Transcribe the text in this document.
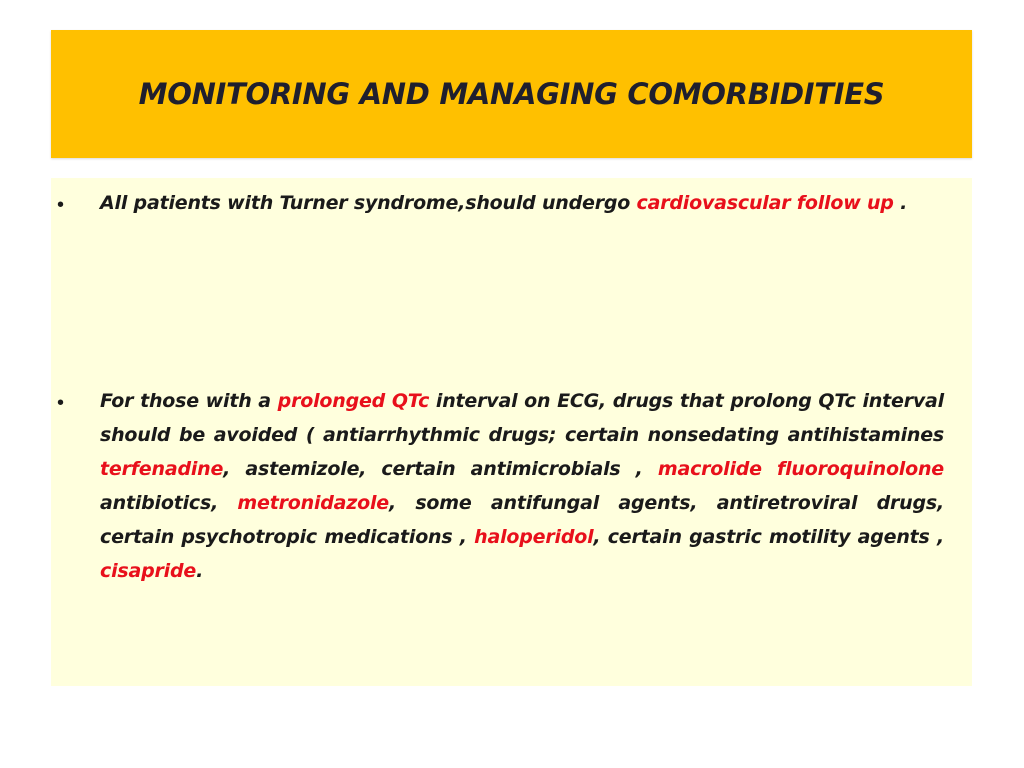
MONITORING AND MANAGING COMORBIDITIES
• All patients with Turner syndrome,should undergo cardiovascular follow up .
• For those with a prolonged QTc interval on ECG, drugs that prolong QTc interval should be avoided ( antiarrhythmic drugs; certain nonsedating antihistamines terfenadine, astemizole, certain antimicrobials , macrolide fluoroquinolone antibiotics, metronidazole, some antifungal agents, antiretroviral drugs, certain psychotropic medications , haloperidol, certain gastric motility agents , cisapride.
